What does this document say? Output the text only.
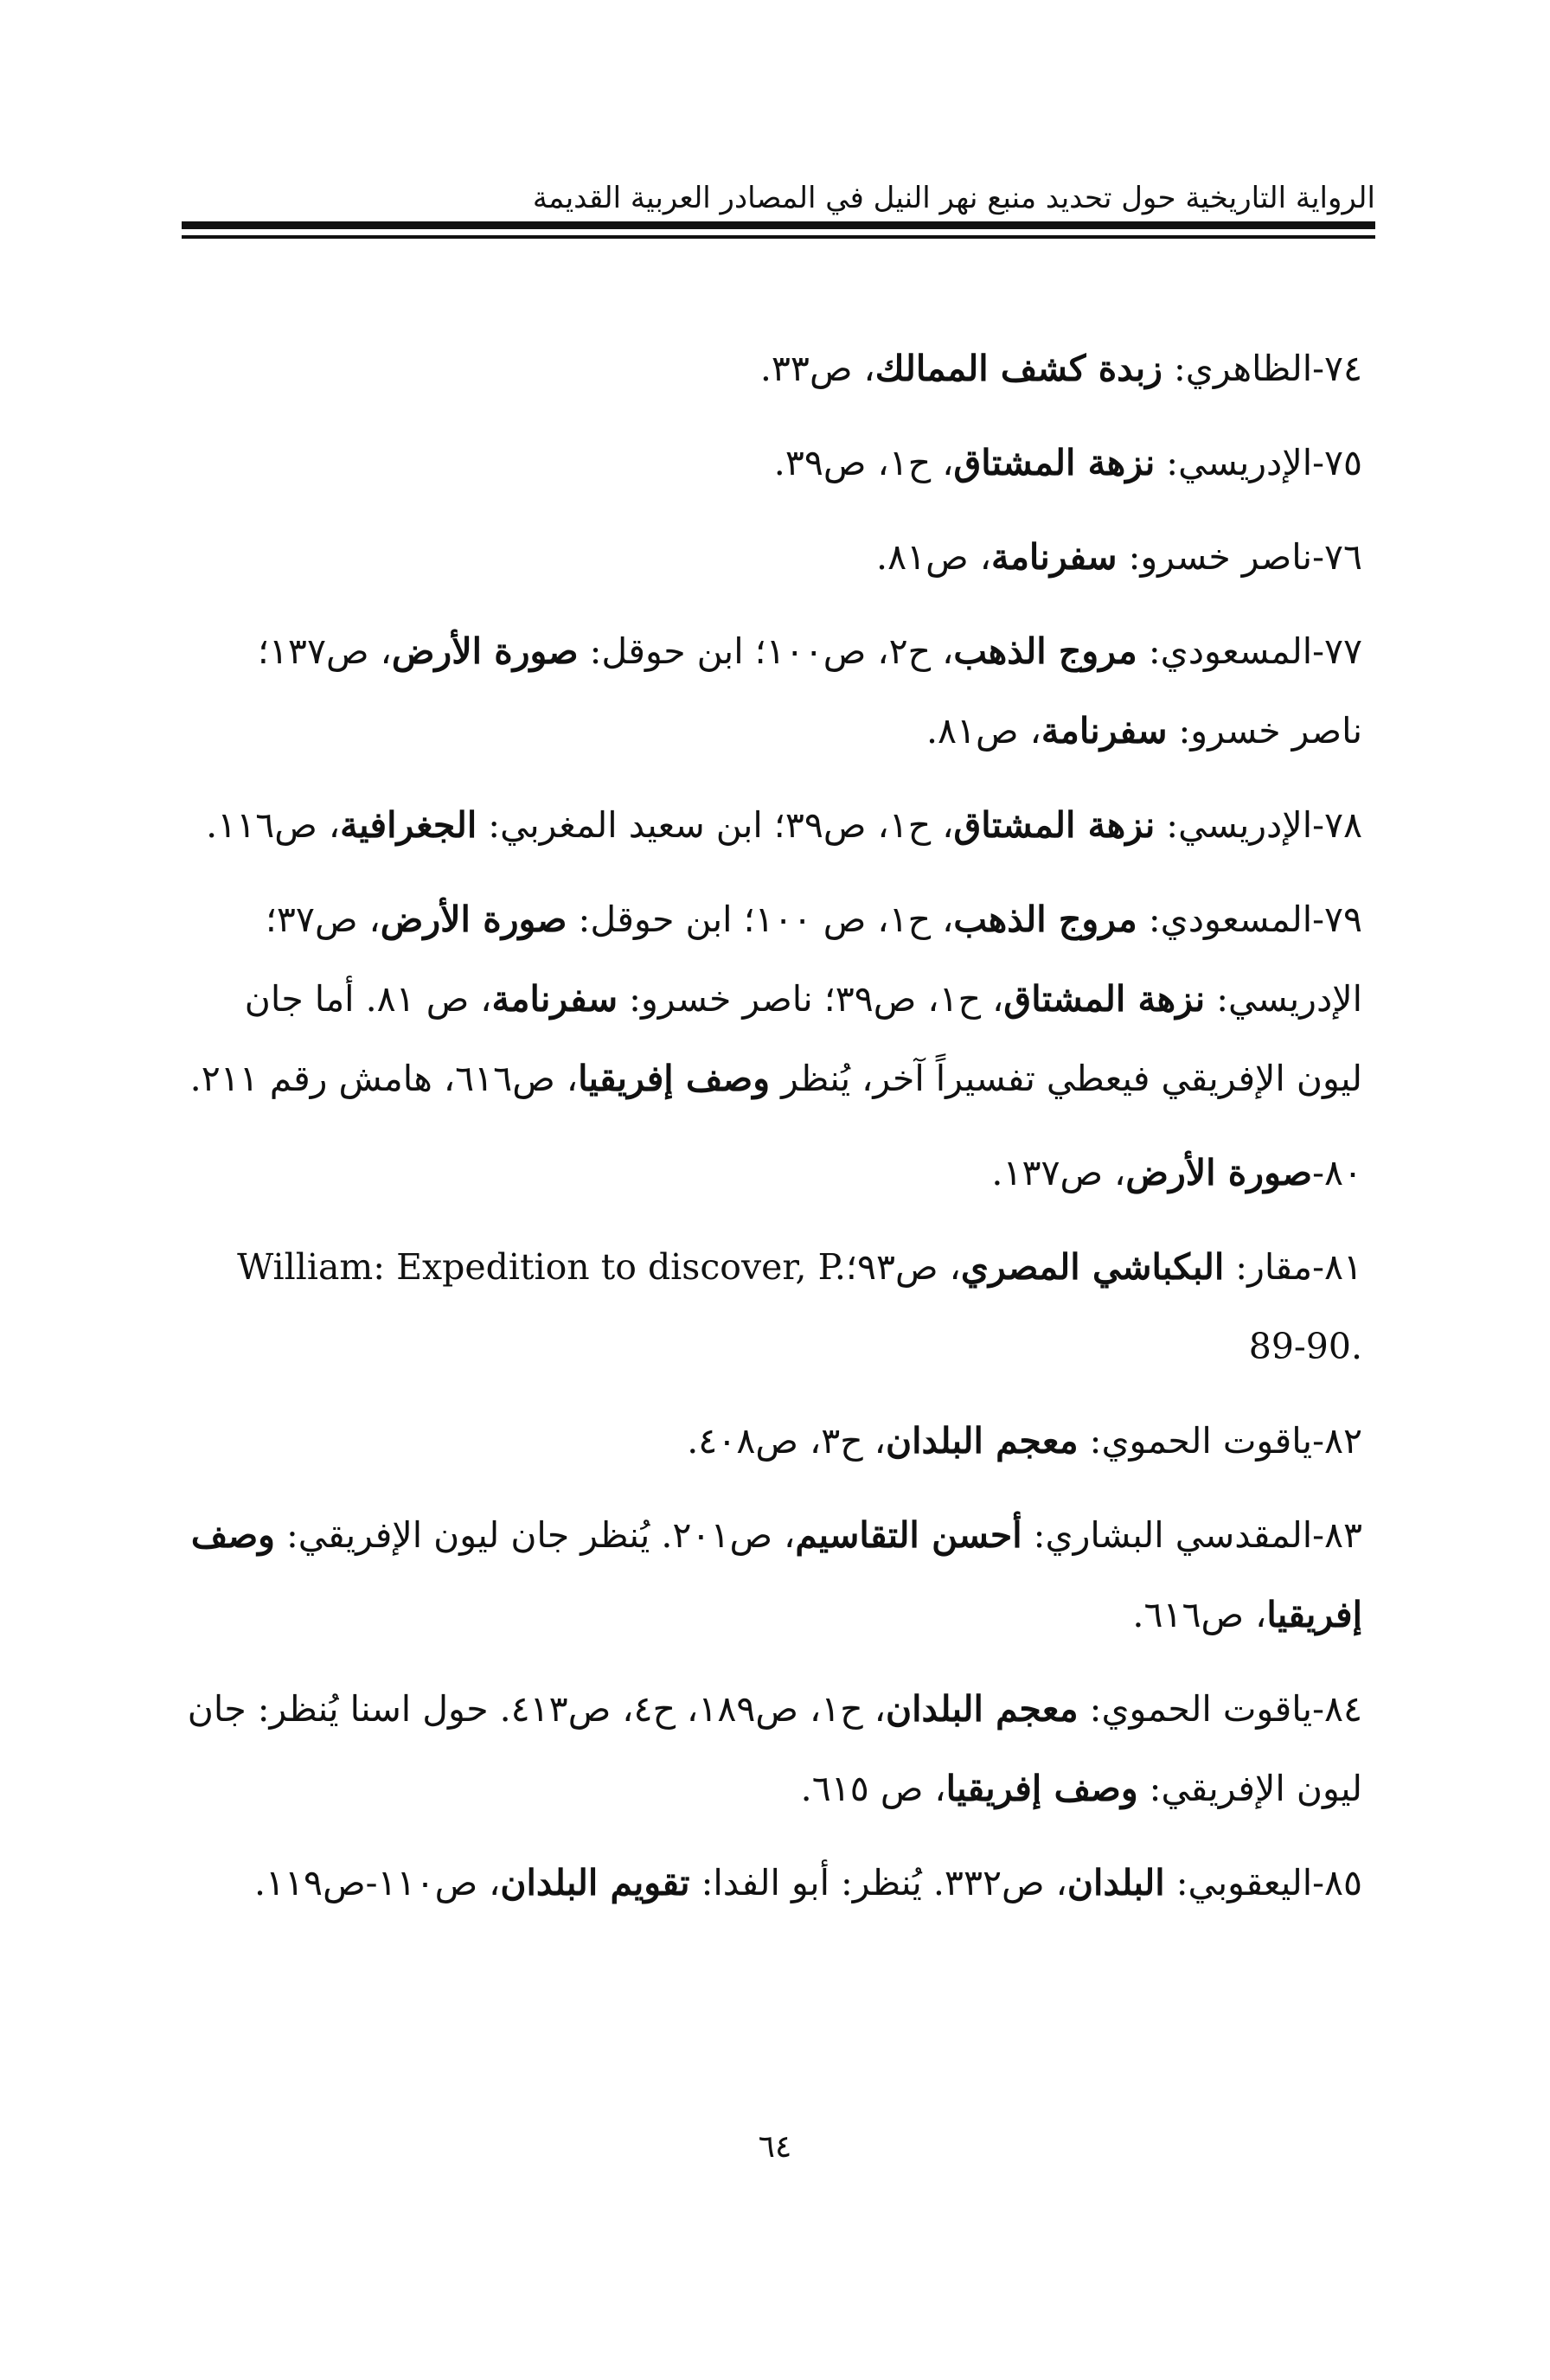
الرواية التاريخية حول تحديد منبع نهر النيل في المصادر العربية القديمة

٧٤-الظاهري: زبدة كشف الممالك، ص٣٣.

٧٥-الإدريسي: نزهة المشتاق، ح١، ص٣٩.

٧٦-ناصر خسرو: سفرنامة، ص٨١.

٧٧-المسعودي: مروج الذهب، ح٢، ص١٠٠؛ ابن حوقل: صورة الأرض، ص١٣٧؛ ناصر خسرو: سفرنامة، ص٨١.

٧٨-الإدريسي: نزهة المشتاق، ح١، ص٣٩؛ ابن سعيد المغربي: الجغرافية، ص١١٦.

٧٩-المسعودي: مروج الذهب، ح١، ص ١٠٠؛ ابن حوقل: صورة الأرض، ص٣٧؛ الإدريسي: نزهة المشتاق، ح١، ص٣٩؛ ناصر خسرو: سفرنامة، ص ٨١. أما جان ليون الإفريقي فيعطي تفسيراً آخر، يُنظر وصف إفريقيا، ص٦١٦، هامش رقم ٢١١.

٨٠-صورة الأرض، ص١٣٧.

٨١-مقار: البكباشي المصري، ص٩٣؛William: Expedition to discover, P. 89-90.

٨٢-ياقوت الحموي: معجم البلدان، ح٣، ص٤٠٨.

٨٣-المقدسي البشاري: أحسن التقاسيم، ص٢٠١. يُنظر جان ليون الإفريقي: وصف إفريقيا، ص٦١٦.

٨٤-ياقوت الحموي: معجم البلدان، ح١، ص١٨٩، ح٤، ص٤١٣. حول اسنا يُنظر: جان ليون الإفريقي: وصف إفريقيا، ص ٦١٥.

٨٥-اليعقوبي: البلدان، ص٣٣٢. يُنظر: أبو الفدا: تقويم البلدان، ص١١٠-ص١١٩.

٦٤
